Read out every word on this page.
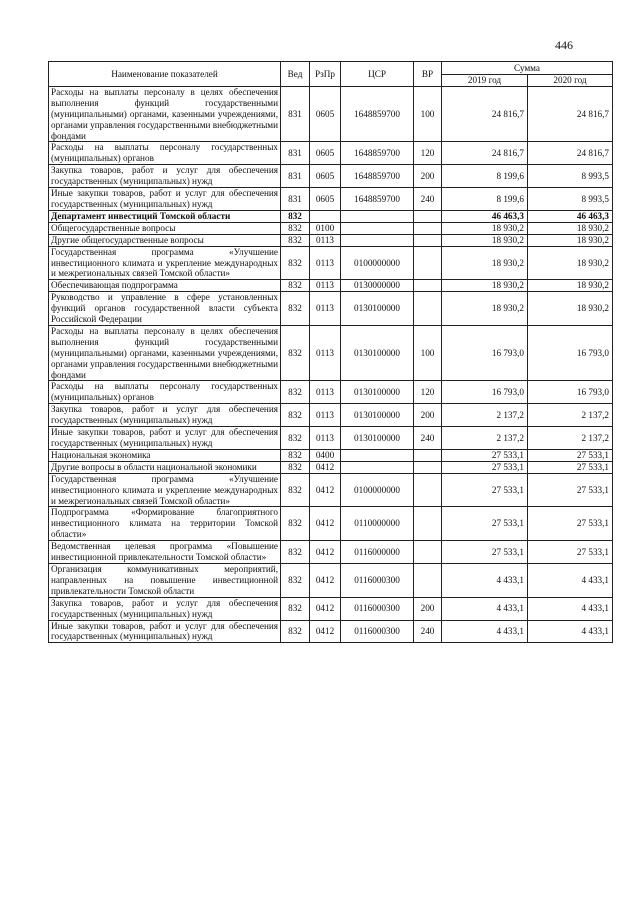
446
Наименование показателей	Вед	РзПр	ЦСР	ВР	Сумма	
					2019 год	2020 год
Расходы на выплаты персоналу в целях обеспечения выполнения функций государственными (муниципальными) органами, казенными учреждениями, органами управления государственными внебюджетными фондами	831	0605	1648859700	100	24 816,7	24 816,7
Расходы на выплаты персоналу государственных (муниципальных) органов	831	0605	1648859700	120	24 816,7	24 816,7
Закупка товаров, работ и услуг для обеспечения государственных (муниципальных) нужд	831	0605	1648859700	200	8 199,6	8 993,5
Иные закупки товаров, работ и услуг для обеспечения государственных (муниципальных) нужд	831	0605	1648859700	240	8 199,6	8 993,5
Департамент инвестиций Томской области	832				46 463,3	46 463,3
Общегосударственные вопросы	832	0100			18 930,2	18 930,2
Другие общегосударственные вопросы	832	0113			18 930,2	18 930,2
Государственная программа «Улучшение инвестиционного климата и укрепление международных и межрегиональных связей Томской области»	832	0113	0100000000		18 930,2	18 930,2
Обеспечивающая подпрограмма	832	0113	0130000000		18 930,2	18 930,2
Руководство и управление в сфере установленных функций органов государственной власти субъекта Российской Федерации	832	0113	0130100000		18 930,2	18 930,2
Расходы на выплаты персоналу в целях обеспечения выполнения функций государственными (муниципальными) органами, казенными учреждениями, органами управления государственными внебюджетными фондами	832	0113	0130100000	100	16 793,0	16 793,0
Расходы на выплаты персоналу государственных (муниципальных) органов	832	0113	0130100000	120	16 793,0	16 793,0
Закупка товаров, работ и услуг для обеспечения государственных (муниципальных) нужд	832	0113	0130100000	200	2 137,2	2 137,2
Иные закупки товаров, работ и услуг для обеспечения государственных (муниципальных) нужд	832	0113	0130100000	240	2 137,2	2 137,2
Национальная экономика	832	0400			27 533,1	27 533,1
Другие вопросы в области национальной экономики	832	0412			27 533,1	27 533,1
Государственная программа «Улучшение инвестиционного климата и укрепление международных и межрегиональных связей Томской области»	832	0412	0100000000		27 533,1	27 533,1
Подпрограмма «Формирование благоприятного инвестиционного климата на территории Томской области»	832	0412	0110000000		27 533,1	27 533,1
Ведомственная целевая программа «Повышение инвестиционной привлекательности Томской области»	832	0412	0116000000		27 533,1	27 533,1
Организация коммуникативных мероприятий, направленных на повышение инвестиционной привлекательности Томской области	832	0412	0116000300		4 433,1	4 433,1
Закупка товаров, работ и услуг для обеспечения государственных (муниципальных) нужд	832	0412	0116000300	200	4 433,1	4 433,1
Иные закупки товаров, работ и услуг для обеспечения государственных (муниципальных) нужд	832	0412	0116000300	240	4 433,1	4 433,1
